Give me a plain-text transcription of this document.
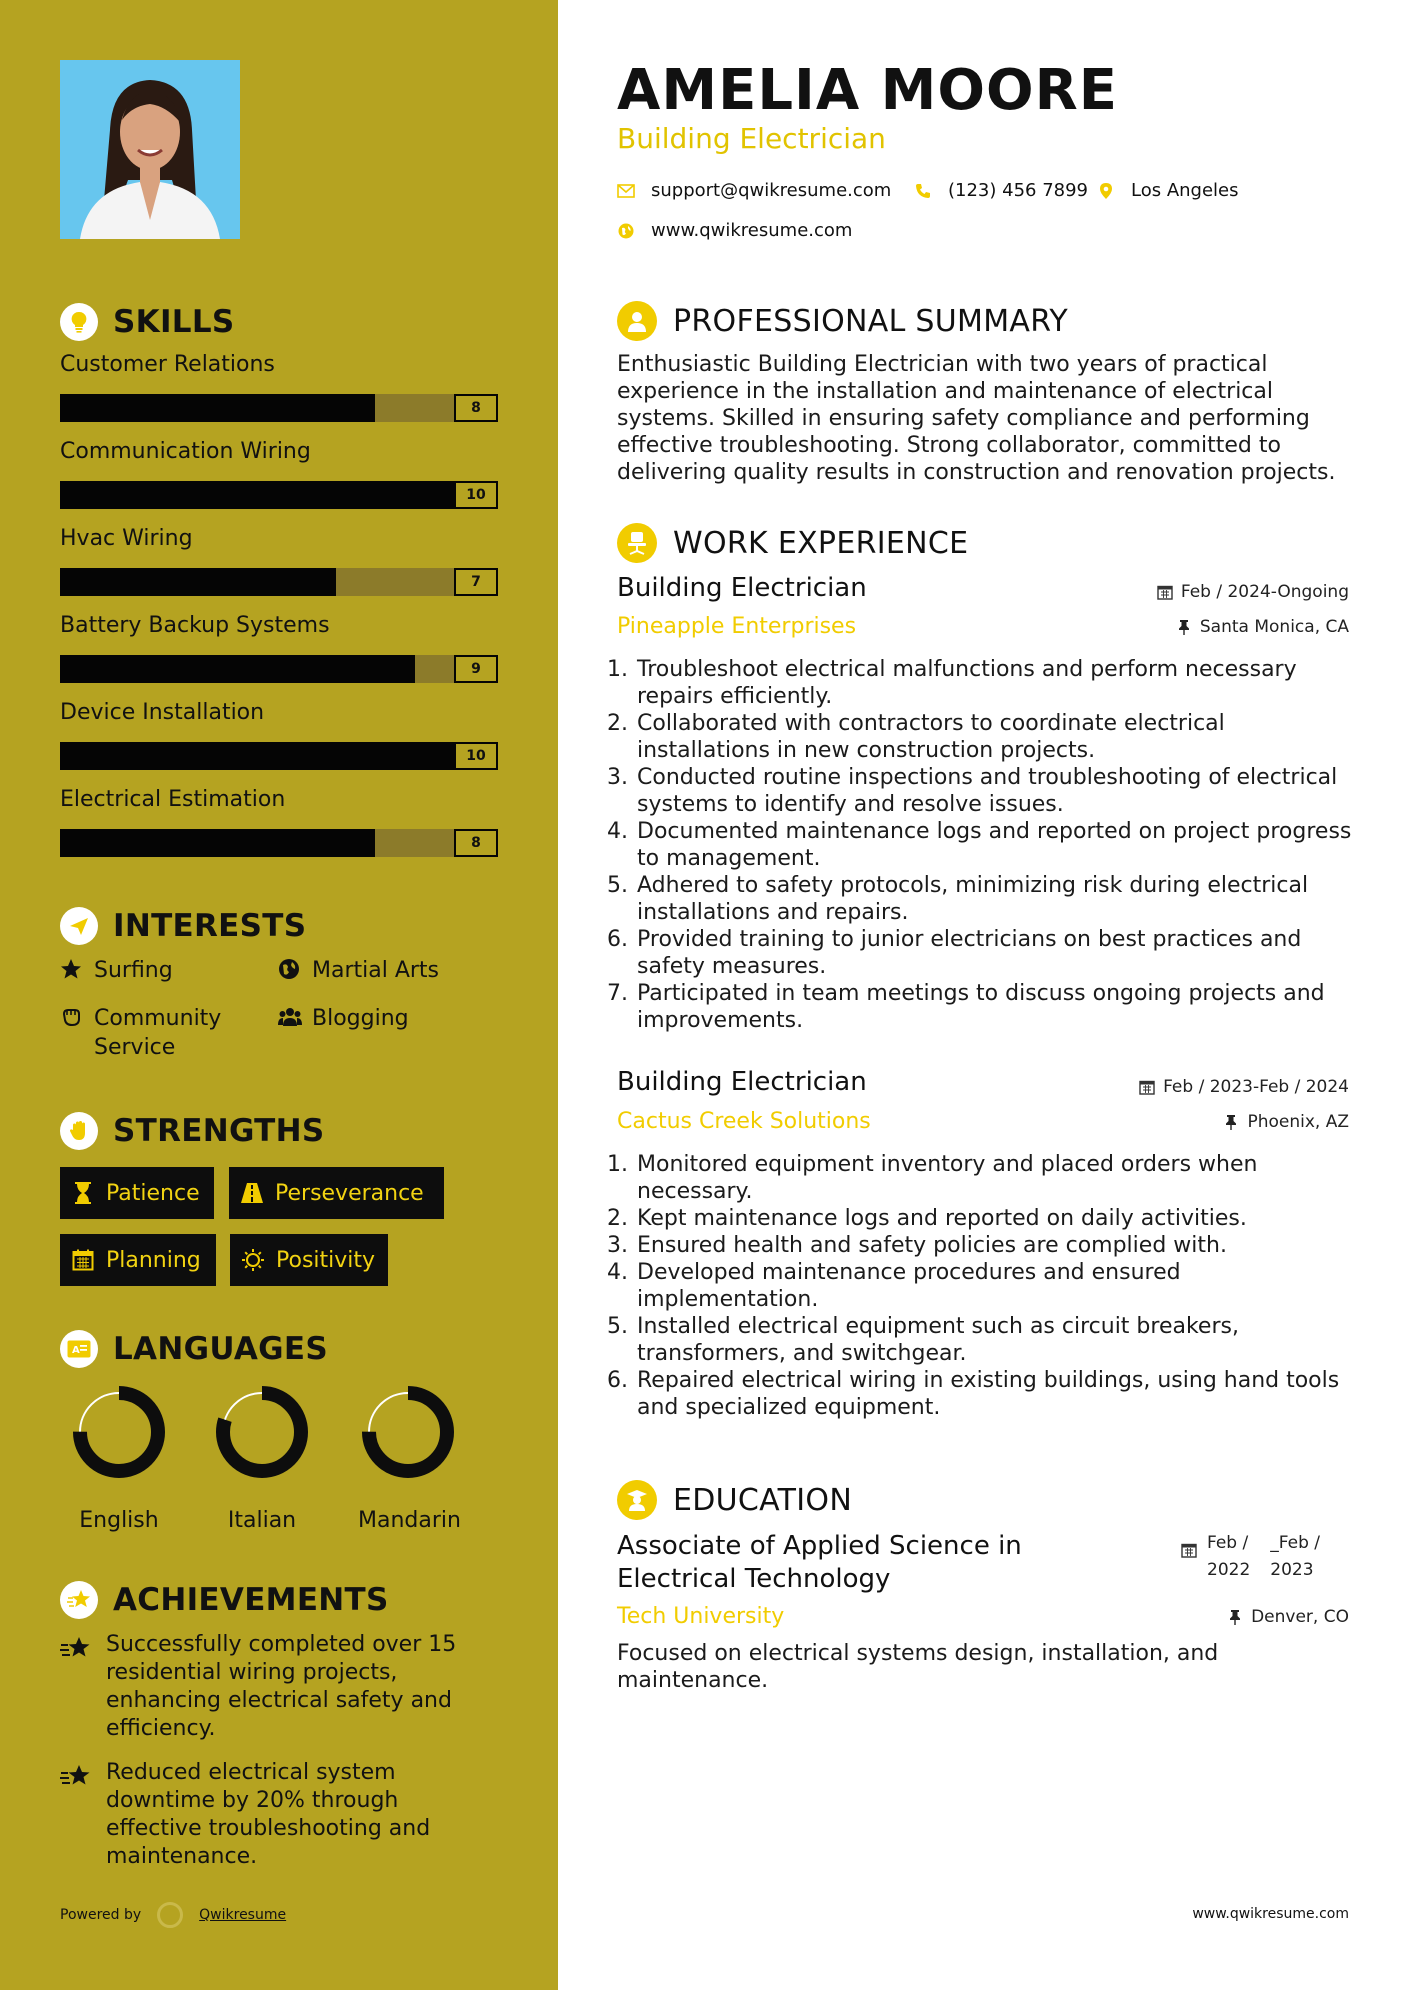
SKILLS
Customer Relations
8
Communication Wiring
10
Hvac Wiring
7
Battery Backup Systems
9
Device Installation
10
Electrical Estimation
8
INTERESTS
Surfing	Martial Arts
Community Service
Blogging
STRENGTHS
Patience	Perseverance
Planning	Positivity
A LANGUAGES
English	Italian	Mandarin
ACHIEVEMENTS
Successfully completed over 15 residential wiring projects, enhancing electrical safety and efficiency.
Reduced electrical system downtime by 20% through effective troubleshooting and maintenance.
Powered by	Qwikresume
AMELIA MOORE
Building Electrician
support@qwikresume.com	(123) 456 7899 Los Angeles
www.qwikresume.com
PROFESSIONAL SUMMARY
Enthusiastic Building Electrician with two years of practical experience in the installation and maintenance of electrical systems. Skilled in ensuring safety compliance and performing effective troubleshooting. Strong collaborator, committed to delivering quality results in construction and renovation projects.
WORK EXPERIENCE
Building Electrician
Pineapple Enterprises
Feb / 2024-Ongoing
Santa Monica, CA
1. Troubleshoot electrical malfunctions and perform necessary repairs efficiently.
2. Collaborated with contractors to coordinate electrical installations in new construction projects.
3. Conducted routine inspections and troubleshooting of electrical systems to identify and resolve issues.
4. Documented maintenance logs and reported on project progress to management.
5. Adhered to safety protocols, minimizing risk during electrical installations and repairs.
6. Provided training to junior electricians on best practices and safety measures.
7. Participated in team meetings to discuss ongoing projects and improvements.
Building Electrician
Cactus Creek Solutions
Feb / 2023-Feb / 2024
Phoenix, AZ
1. Monitored equipment inventory and placed orders when necessary.
2. Kept maintenance logs and reported on daily activities.
3. Ensured health and safety policies are complied with.
4. Developed maintenance procedures and ensured implementation.
5. Installed electrical equipment such as circuit breakers, transformers, and switchgear.
6. Repaired electrical wiring in existing buildings, using hand tools and specialized equipment.
EDUCATION
Associate of Applied Science in Electrical Technology
Tech University
Feb /
2022
_Feb /
2023
Denver, CO
Focused on electrical systems design, installation, and maintenance.
www.qwikresume.com
